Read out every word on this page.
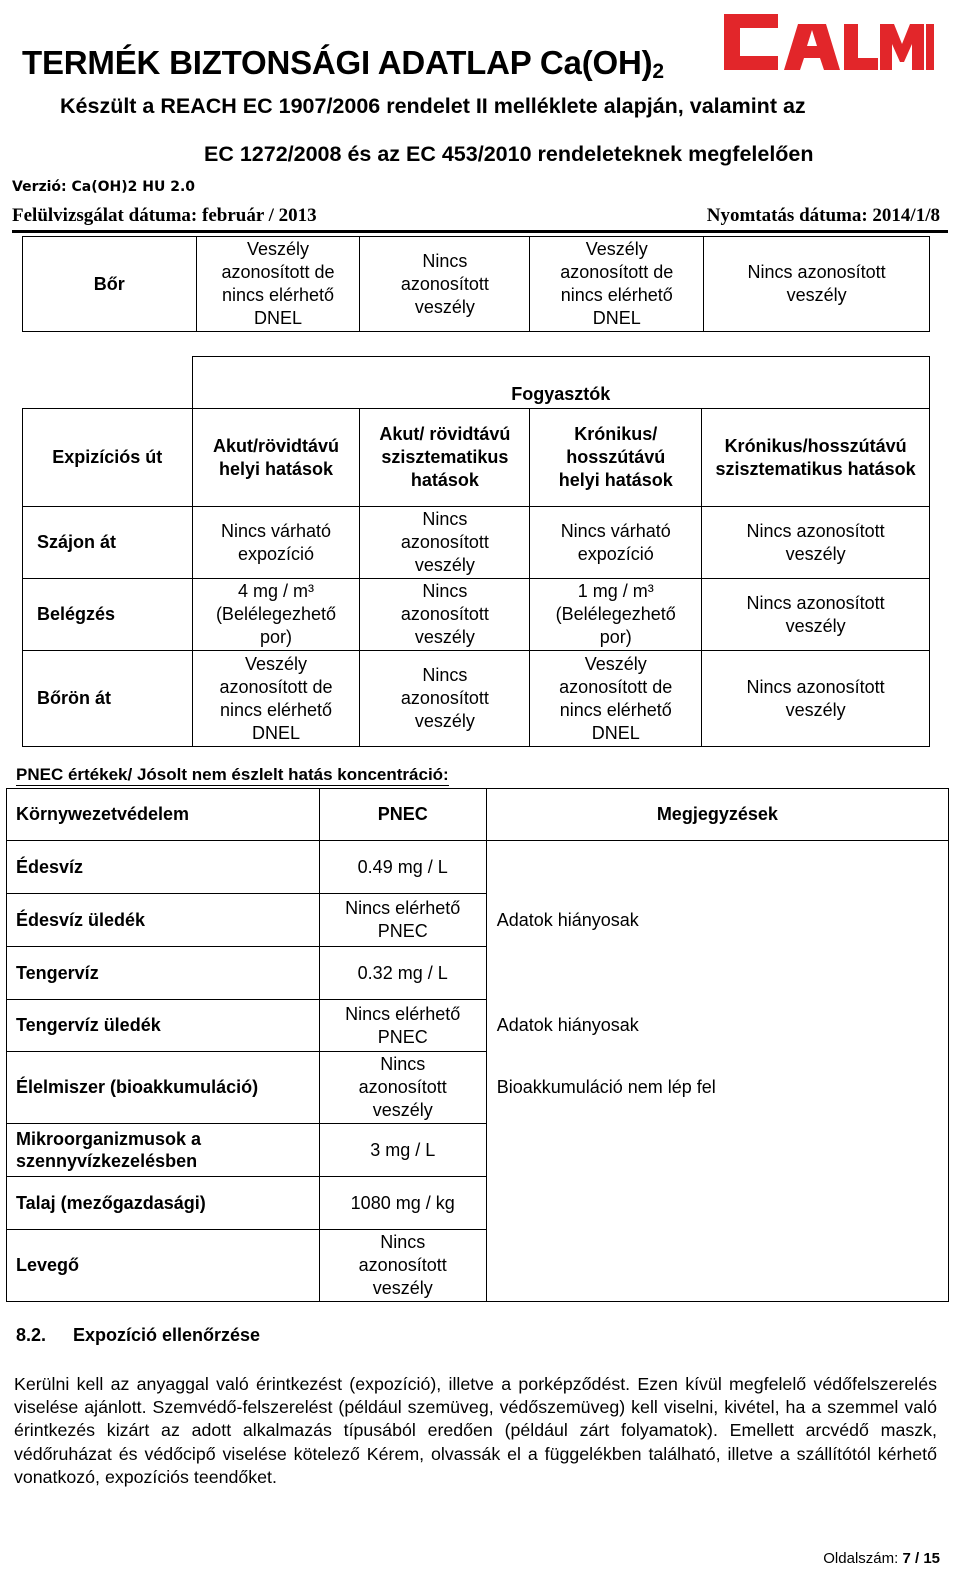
TERMÉK BIZTONSÁGI ADATLAP $Ca(OH)_2$
Készült a REACH EC 1907/2006 rendelet II melléklete alapján, valamint az
EC 1272/2008 és az EC 453/2010 rendeleteknek megfelelően
Verzió: Ca(OH)2 HU 2.0
Felülvizsgálat dátuma: február / 2013	Nyomtatás dátuma: 2014/1/8
Bőr	Veszély azonosított de nincs elérhető DNEL	Nincs azonosított veszély	Veszély azonosított de nincs elérhető DNEL	Nincs azonosított veszély
	Fogyasztók			
Expizíciós út	Akut/rövidtávú helyi hatások	Akut/ rövidtávú szisztematikus hatások	Krónikus/ hosszútávú helyi hatások	Krónikus/hosszútávú szisztematikus hatások
Szájon át	Nincs várható expozíció	Nincs azonosított veszély	Nincs várható expozíció	Nincs azonosított veszély
Belégzés	4 mg / m³ (Belélegezhető por)	Nincs azonosított veszély	1 mg / m³ (Belélegezhető por)	Nincs azonosított veszély
Bőrön át	Veszély azonosított de nincs elérhető DNEL	Nincs azonosított veszély	Veszély azonosított de nincs elérhető DNEL	Nincs azonosított veszély
PNEC értékek/ Jósolt nem észlelt hatás koncentráció:
Környwezetvédelem	PNEC	Megjegyzések
Édesvíz	0.49 mg / L	
Édesvíz üledék	Nincs elérhető PNEC	Adatok hiányosak
Tengervíz	0.32 mg / L	
Tengervíz üledék	Nincs elérhető PNEC	Adatok hiányosak
Élelmiszer (bioakkumuláció)	Nincs azonosított veszély	Bioakkumuláció nem lép fel
Mikroorganizmusok a szennyvízkezelésben	3 mg / L	
Talaj (mezőgazdasági)	1080 mg / kg	
Levegő	Nincs azonosított veszély	
8.2. Expozíció ellenőrzése
Kerülni kell az anyaggal való érintkezést (expozíció), illetve a porképződést. Ezen kívül megfelelő védőfelszerelés viselése ajánlott. Szemvédő-felszerelést (például szemüveg, védőszemüveg) kell viselni, kivétel, ha a szemmel való érintkezés kizárt az adott alkalmazás típusából eredően (például zárt folyamatok). Emellett arcvédő maszk, védőruházat és védőcipő viselése kötelező Kérem, olvassák el a függelékben található, illetve a szállítótól kérhető vonatkozó, expozíciós teendőket.
Oldalszám: 7 / 15
